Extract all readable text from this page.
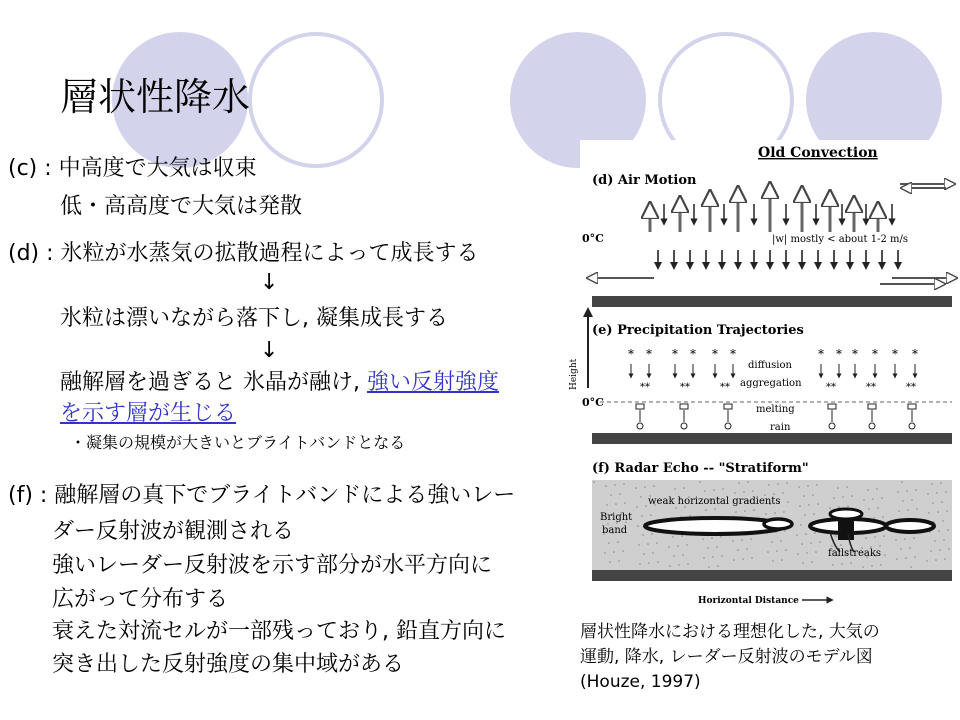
層状性降水
(c) : 中高度で大気は収束
低・高高度で大気は発散
(d) : 氷粒が水蒸気の拡散過程によって成長する
↓
氷粒は漂いながら落下し, 凝集成長する
↓
融解層を過ぎると 氷晶が融け, 強い反射強度
を示す層が生じる
・凝集の規模が大きいとブライトバンドとなる
(f) : 融解層の真下でブライトバンドによる強いレー
ダー反射波が観測される
強いレーダー反射波を示す部分が水平方向に
広がって分布する
衰えた対流セルが一部残っており, 鉛直方向に
突き出した反射強度の集中域がある
Old Convection
(d) Air Motion
0°C	|w| mostly < about 1-2 m/s
Height
(e) Precipitation Trajectories
* * * * * *	* * * * * *
**	**	**	**	**	**
diffusion
aggregation
0°C
melting
rain
(f) Radar Echo -- "Stratiform"
weak horizontal gradients
Bright
band
fallstreaks
Horizontal Distance
層状性降水における理想化した, 大気の
運動, 降水, レーダー反射波のモデル図
(Houze, 1997)
